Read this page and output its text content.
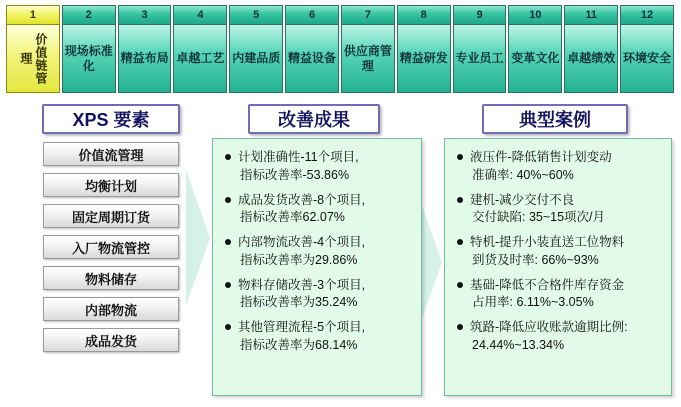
1
价值链管理
2
现场标准化
3
精益布局
4
卓越工艺
5
内建品质
6
精益设备
7
供应商管理
8
精益研发
9
专业员工
10
变革文化
11
卓越绩效
12
环境安全
XPS 要素	改善成果	典型案例
价值流管理
均衡计划
固定周期订货
入厂物流管控
物料储存
内部物流
成品发货
计划准确性-11个项目,
指标改善率-53.86%
成品发货改善-8个项目,
指标改善率62.07%
内部物流改善-4个项目,
指标改善率为29.86%
物料存储改善-3个项目,
指标改善率为35.24%
其他管理流程-5个项目,
指标改善率为68.14%
液压件-降低销售计划变动
准确率: 40%~60%
建机-减少交付不良
交付缺陷: 35~15项次/月
特机-提升小装直送工位物料
到货及时率: 66%~93%
基础-降低不合格件库存资金
占用率: 6.11%~3.05%
筑路-降低应收账款逾期比例:
24.44%~13.34%
